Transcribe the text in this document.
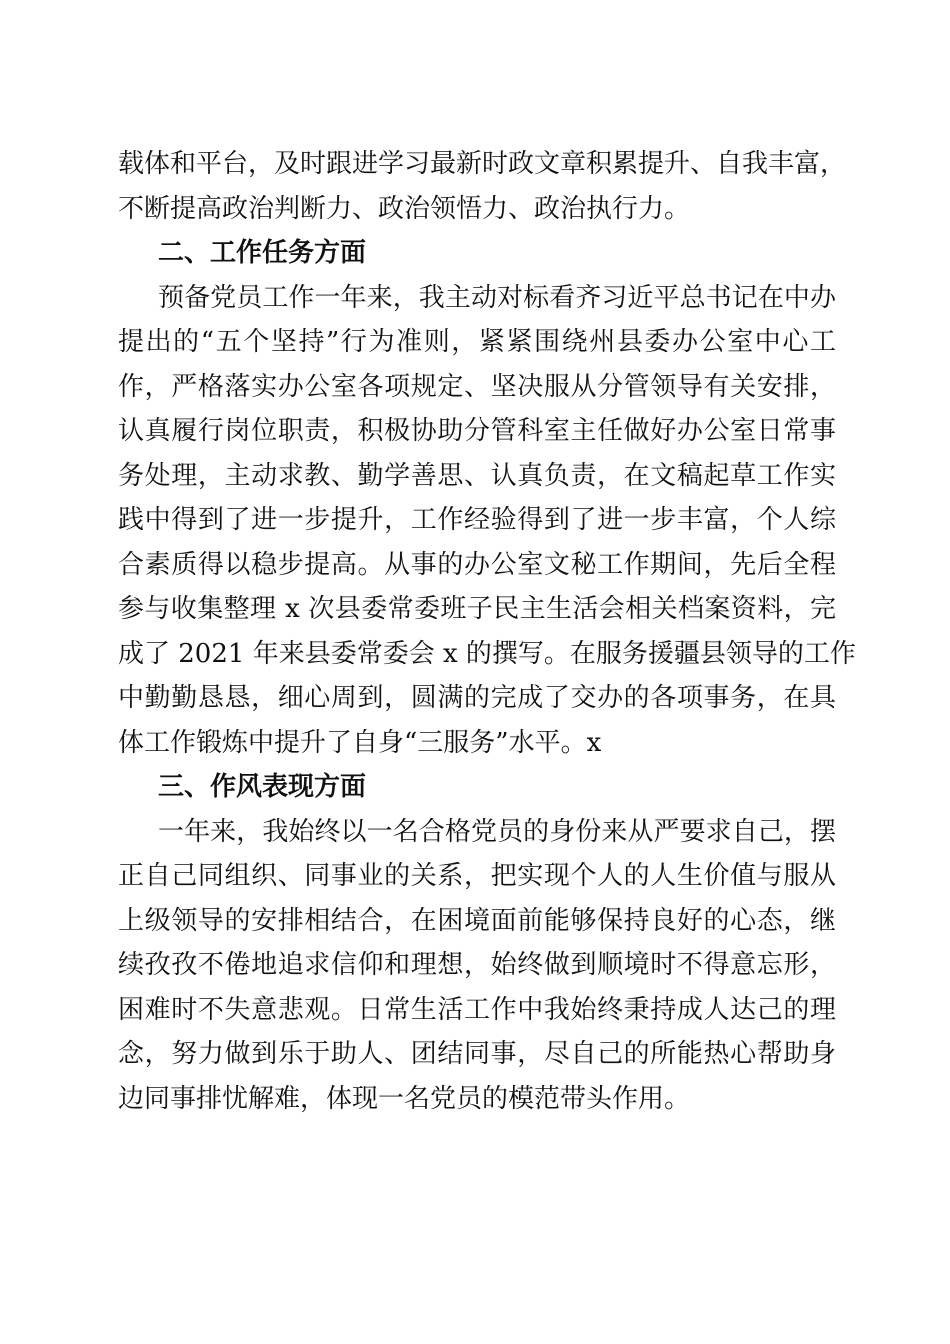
载体和平台，及时跟进学习最新时政文章积累提升、自我丰富，
不断提高政治判断力、政治领悟力、政治执行力。
二、工作任务方面
预备党员工作一年来，我主动对标看齐习近平总书记在中办
提出的“五个坚持”行为准则，紧紧围绕州县委办公室中心工
作，严格落实办公室各项规定、坚决服从分管领导有关安排，
认真履行岗位职责，积极协助分管科室主任做好办公室日常事
务处理，主动求教、勤学善思、认真负责，在文稿起草工作实
践中得到了进一步提升，工作经验得到了进一步丰富，个人综
合素质得以稳步提高。从事的办公室文秘工作期间，先后全程
参与收集整理 x 次县委常委班子民主生活会相关档案资料，完
成了 2021 年来县委常委会 x 的撰写。在服务援疆县领导的工作
中勤勤恳恳，细心周到，圆满的完成了交办的各项事务，在具
体工作锻炼中提升了自身“三服务”水平。x
三、作风表现方面
一年来，我始终以一名合格党员的身份来从严要求自己，摆
正自己同组织、同事业的关系，把实现个人的人生价值与服从
上级领导的安排相结合，在困境面前能够保持良好的心态，继
续孜孜不倦地追求信仰和理想，始终做到顺境时不得意忘形，
困难时不失意悲观。日常生活工作中我始终秉持成人达己的理
念，努力做到乐于助人、团结同事，尽自己的所能热心帮助身
边同事排忧解难，体现一名党员的模范带头作用。
